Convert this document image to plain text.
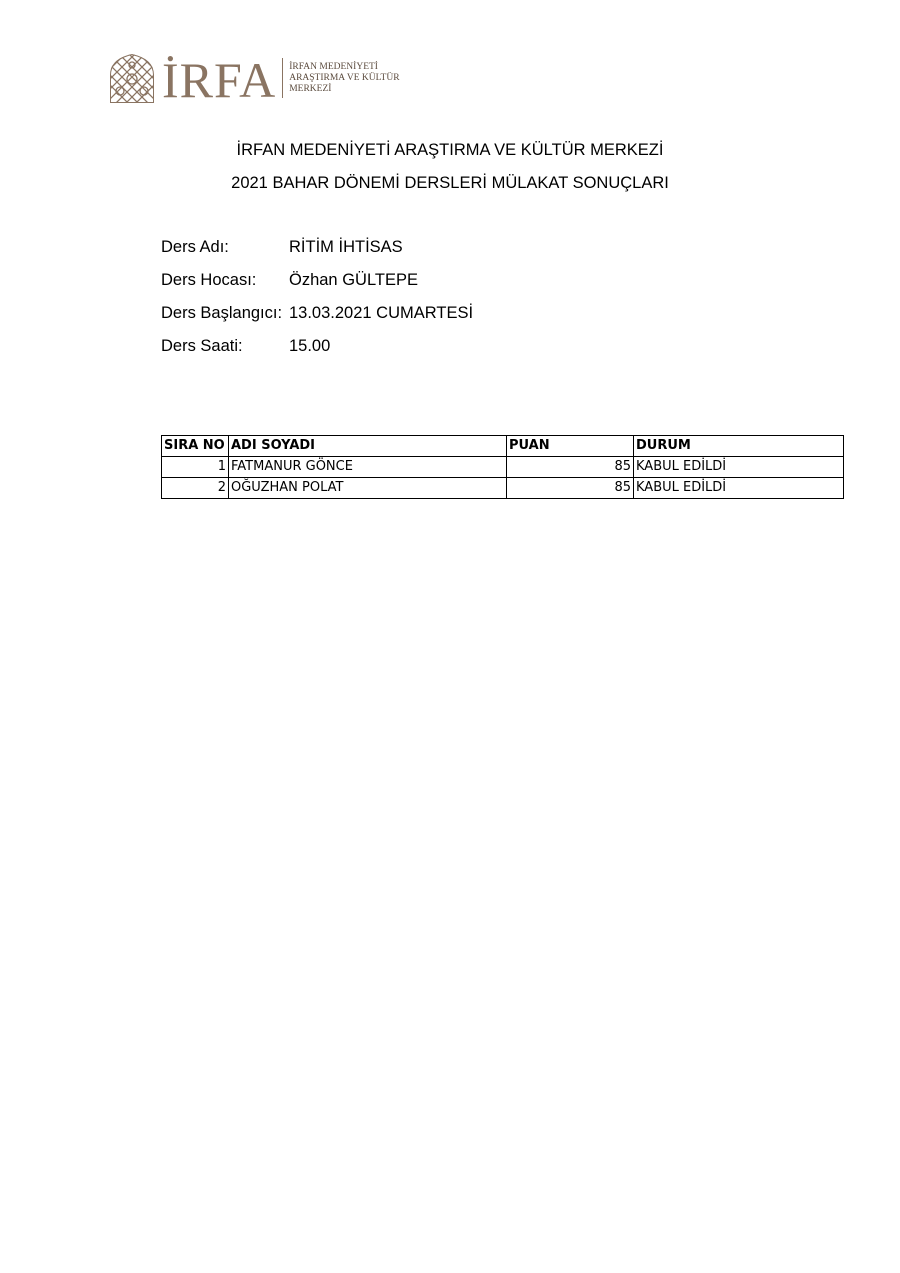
İRFA İRFAN MEDENİYETİ
ARAŞTIRMA VE KÜLTÜR
MERKEZİ
İRFAN MEDENİYETİ ARAŞTIRMA VE KÜLTÜR MERKEZİ
2021 BAHAR DÖNEMİ DERSLERİ MÜLAKAT SONUÇLARI
Ders Adı:	RİTİM İHTİSAS
Ders Hocası:	Özhan GÜLTEPE
Ders Başlangıcı: 13.03.2021 CUMARTESİ
Ders Saati:	15.00
SIRA NO	ADI SOYADI	PUAN	DURUM
1	FATMANUR GÖNCE	85	KABUL EDİLDİ
2	OĞUZHAN POLAT	85	KABUL EDİLDİ
